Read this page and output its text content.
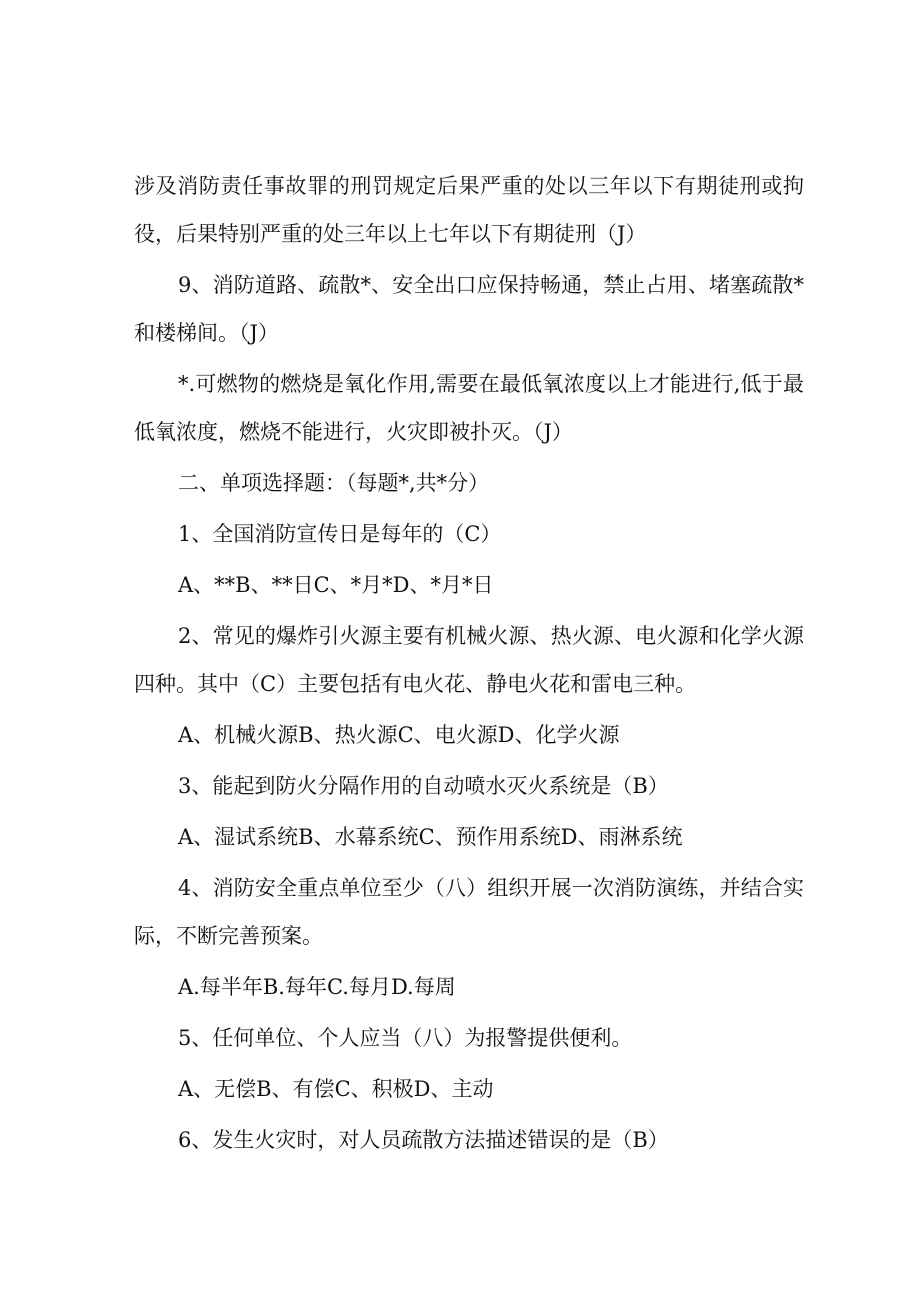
涉及消防责任事故罪的刑罚规定后果严重的处以三年以下有期徒刑或拘役，后果特别严重的处三年以上七年以下有期徒刑（J）

9、消防道路、疏散*、安全出口应保持畅通，禁止占用、堵塞疏散*和楼梯间。（J）

*.可燃物的燃烧是氧化作用,需要在最低氧浓度以上才能进行,低于最低氧浓度，燃烧不能进行，火灾即被扑灭。（J）

二、单项选择题：（每题*,共*分）

1、全国消防宣传日是每年的（C）

A、**B、**日C、*月*D、*月*日

2、常见的爆炸引火源主要有机械火源、热火源、电火源和化学火源四种。其中（C）主要包括有电火花、静电火花和雷电三种。

A、机械火源B、热火源C、电火源D、化学火源

3、能起到防火分隔作用的自动喷水灭火系统是（B）

A、湿试系统B、水幕系统C、预作用系统D、雨淋系统

4、消防安全重点单位至少（八）组织开展一次消防演练，并结合实际，不断完善预案。

A.每半年B.每年C.每月D.每周

5、任何单位、个人应当（八）为报警提供便利。

A、无偿B、有偿C、积极D、主动

6、发生火灾时，对人员疏散方法描述错误的是（B）
